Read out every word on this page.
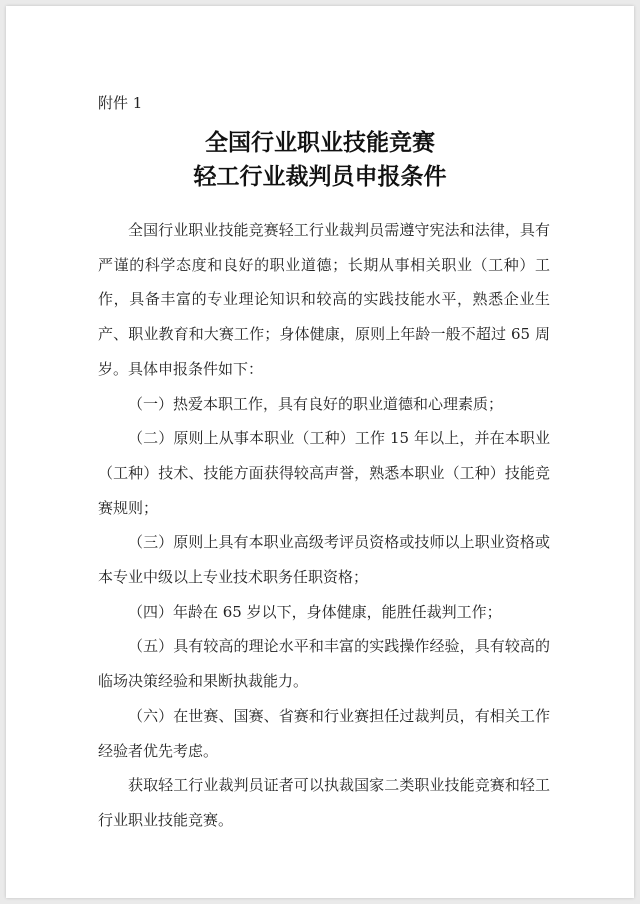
附件 1
全国行业职业技能竞赛
轻工行业裁判员申报条件

全国行业职业技能竞赛轻工行业裁判员需遵守宪法和法律，具有严谨的科学态度和良好的职业道德；长期从事相关职业（工种）工作，具备丰富的专业理论知识和较高的实践技能水平，熟悉企业生产、职业教育和大赛工作；身体健康，原则上年龄一般不超过 65 周岁。具体申报条件如下：

（一）热爱本职工作，具有良好的职业道德和心理素质；

（二）原则上从事本职业（工种）工作 15 年以上，并在本职业（工种）技术、技能方面获得较高声誉，熟悉本职业（工种）技能竞赛规则；

（三）原则上具有本职业高级考评员资格或技师以上职业资格或本专业中级以上专业技术职务任职资格；

（四）年龄在 65 岁以下，身体健康，能胜任裁判工作；

（五）具有较高的理论水平和丰富的实践操作经验，具有较高的临场决策经验和果断执裁能力。

（六）在世赛、国赛、省赛和行业赛担任过裁判员，有相关工作经验者优先考虑。

获取轻工行业裁判员证者可以执裁国家二类职业技能竞赛和轻工行业职业技能竞赛。
